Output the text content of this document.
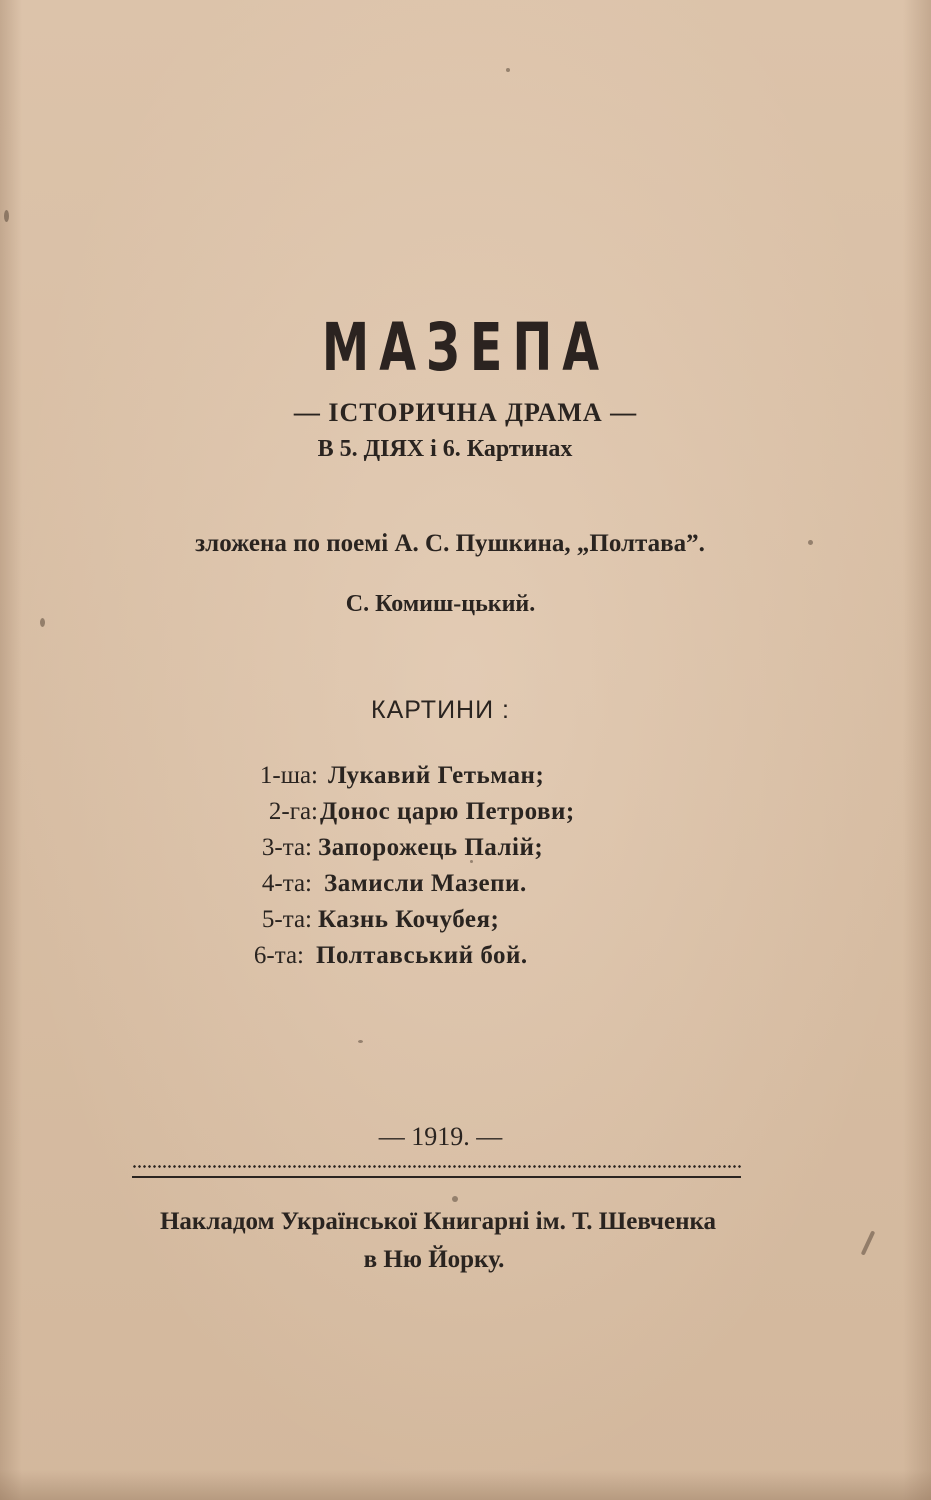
МАЗЕПА
— ІСТОРИЧНА ДРАМА —
В 5. ДІЯХ і 6. Картинах
зложена по поемі А. С. Пушкина, „Полтава”.
С. Комиш-цький.
КАРТИНИ :
1-ша: Лукавий Гетьман;
2-га: Донос царю Петрови;
3-та: Запорожець Палій;
4-та: Замисли Мазепи.
5-та: Казнь Кочубея;
6-та: Полтавський бой.
— 1919. —
Накладом Української Книгарні ім. Т. Шевченка
в Ню Йорку.
